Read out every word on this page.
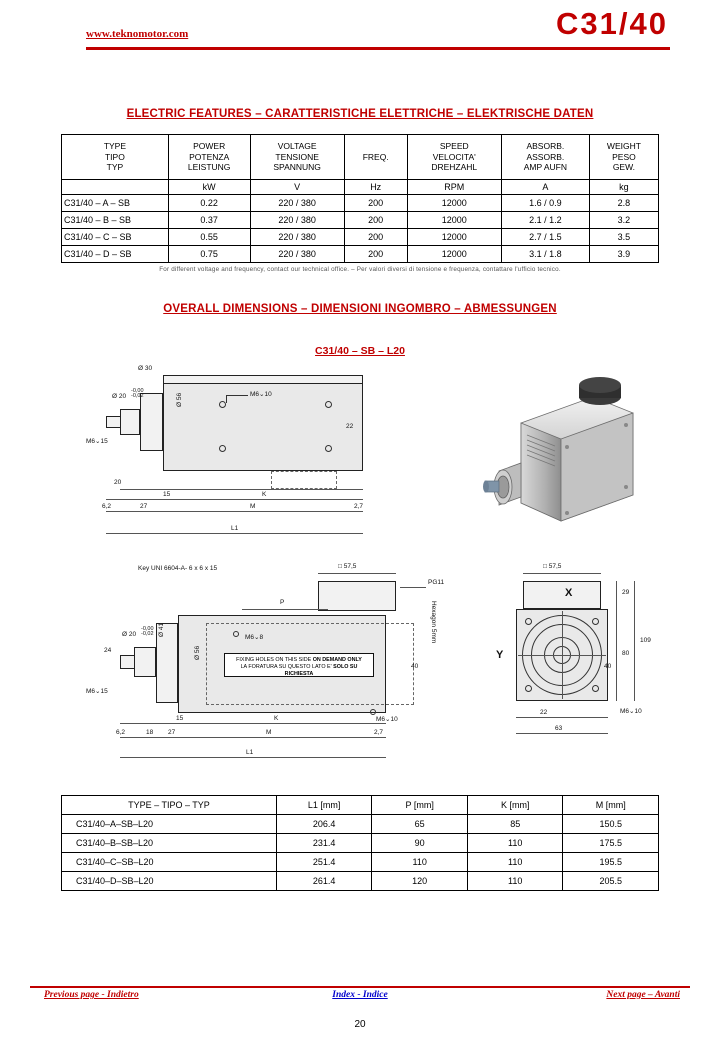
www.teknomotor.com	C31/40
ELECTRIC FEATURES – CARATTERISTICHE ELETTRICHE – ELEKTRISCHE DATEN
TYPE
TIPO
TYP

POWER
POTENZA
LEISTUNG

VOLTAGE
TENSIONE
SPANNUNG

FREQ.

SPEED
VELOCITA'
DREHZAHL

ABSORB.
ASSORB.
AMP AUFN

WEIGHT
PESO
GEW.

	kW	V	Hz	RPM	A	kg
C31/40 – A – SB	0.22	220 / 380	200	12000	1.6 / 0.9	2.8
C31/40 – B – SB	0.37	220 / 380	200	12000	2.1 / 1.2	3.2
C31/40 – C – SB	0.55	220 / 380	200	12000	2.7 / 1.5	3.5
C31/40 – D – SB	0.75	220 / 380	200	12000	3.1 / 1.8	3.9
For different voltage and frequency, contact our technical office. – Per valori diversi di tensione e frequenza, contattare l'ufficio tecnico.
OVERALL DIMENSIONS – DIMENSIONI INGOMBRO – ABMESSUNGEN
C31/40 – SB – L20
Ø 30
Ø 20
-0,00
-0,02	Ø 56
M6⌄15
M6⌄10
22
20
15	K
6,2	27	M	2,7
L1
Key UNI 6604-A- 6 x 6 x 15	□ 57,5
PG11
Hexagon 5mm
P
FIXING HOLES ON THIS SIDE ON DEMAND ONLY
LA FORATURA SU QUESTO LATO E' SOLO SU RICHIESTA
Ø 20
-0,00
-0,02 Ø 41
Ø 56
M6⌄15
24
M6⌄8
40
M6⌄10
15	K
6,2	18 27	M	2,7
L1
□ 57,5
X
Y
29
80
109
40
22
63
M6⌄10
TYPE – TIPO – TYP	L1 [mm]	P [mm]	K [mm]	M [mm]
C31/40–A–SB–L20	206.4	65	85	150.5
C31/40–B–SB–L20	231.4	90	110	175.5
C31/40–C–SB–L20	251.4	110	110	195.5
C31/40–D–SB–L20	261.4	120	110	205.5
Previous page - Indietro	Index - Indice	Next page – Avanti
20
